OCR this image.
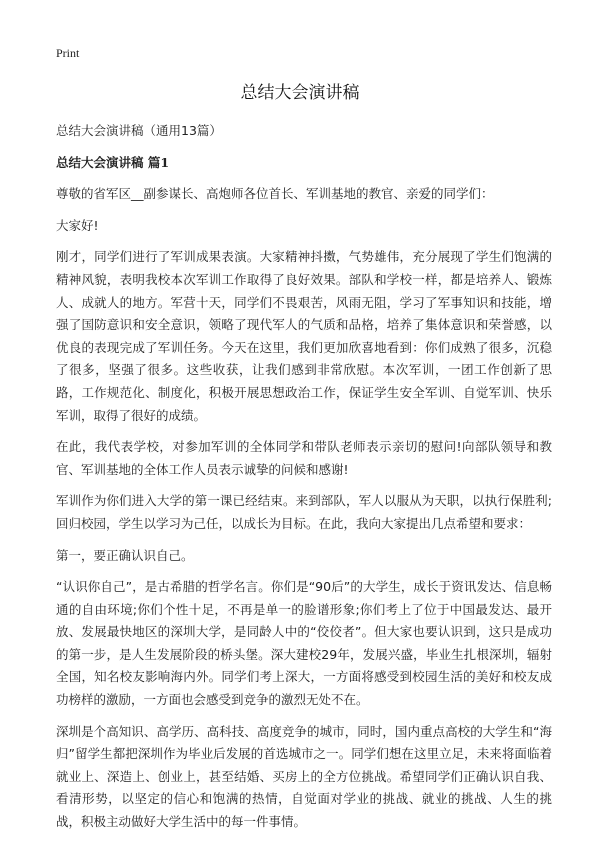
Print
总结大会演讲稿
总结大会演讲稿（通用13篇）
总结大会演讲稿 篇1

尊敬的省军区__副参谋长、高炮师各位首长、军训基地的教官、亲爱的同学们：

大家好!

刚才，同学们进行了军训成果表演。大家精神抖擞，气势雄伟，充分展现了学生们饱满的精神风貌，表明我校本次军训工作取得了良好效果。部队和学校一样，都是培养人、锻炼人、成就人的地方。军营十天，同学们不畏艰苦，风雨无阻，学习了军事知识和技能，增强了国防意识和安全意识，领略了现代军人的气质和品格，培养了集体意识和荣誉感，以优良的表现完成了军训任务。今天在这里，我们更加欣喜地看到：你们成熟了很多，沉稳了很多，坚强了很多。这些收获，让我们感到非常欣慰。本次军训，一团工作创新了思路，工作规范化、制度化，积极开展思想政治工作，保证学生安全军训、自觉军训、快乐军训，取得了很好的成绩。

在此，我代表学校，对参加军训的全体同学和带队老师表示亲切的慰问!向部队领导和教官、军训基地的全体工作人员表示诚挚的问候和感谢!

军训作为你们进入大学的第一课已经结束。来到部队，军人以服从为天职，以执行保胜利;回归校园，学生以学习为己任，以成长为目标。在此，我向大家提出几点希望和要求：

第一，要正确认识自己。

“认识你自己”，是古希腊的哲学名言。你们是“90后”的大学生，成长于资讯发达、信息畅通的自由环境;你们个性十足，不再是单一的脸谱形象;你们考上了位于中国最发达、最开放、发展最快地区的深圳大学，是同龄人中的“佼佼者”。但大家也要认识到，这只是成功的第一步，是人生发展阶段的桥头堡。深大建校29年，发展兴盛，毕业生扎根深圳，辐射全国，知名校友影响海内外。同学们考上深大，一方面将感受到校园生活的美好和校友成功榜样的激励，一方面也会感受到竞争的激烈无处不在。

深圳是个高知识、高学历、高科技、高度竞争的城市，同时，国内重点高校的大学生和“海归”留学生都把深圳作为毕业后发展的首选城市之一。同学们想在这里立足，未来将面临着就业上、深造上、创业上，甚至结婚、买房上的全方位挑战。希望同学们正确认识自我、看清形势，以坚定的信心和饱满的热情，自觉面对学业的挑战、就业的挑战、人生的挑战，积极主动做好大学生活中的每一件事情。
